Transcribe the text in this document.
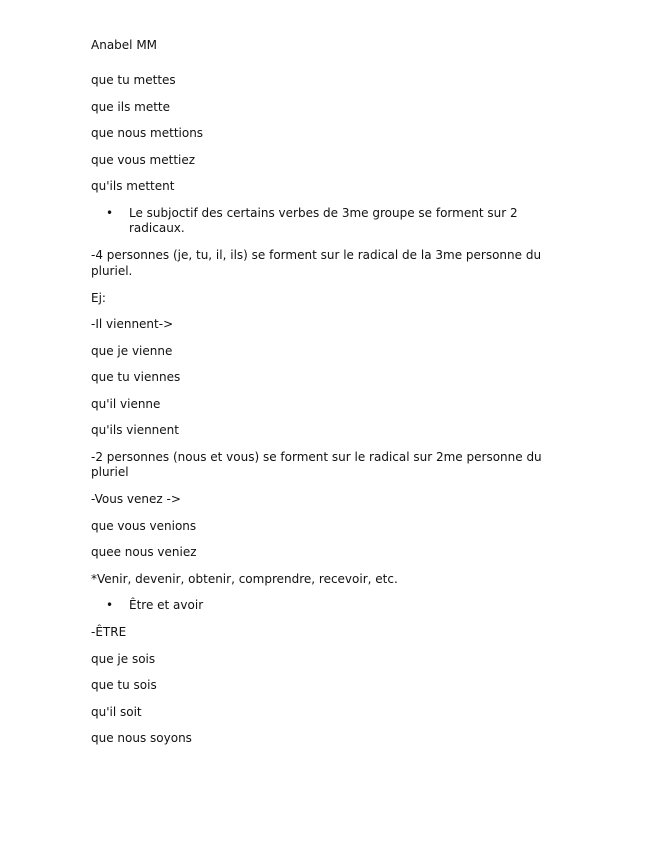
Anabel MM
que tu mettes
que ils mette
que nous mettions
que vous mettiez
qu'ils mettent
• Le subjoctif des certains verbes de 3me groupe se forment sur 2 radicaux.
-4 personnes (je, tu, il, ils) se forment sur le radical de la 3me personne du pluriel.
Ej:
-Il viennent->
que je vienne
que tu viennes
qu'il vienne
qu'ils viennent
-2 personnes (nous et vous) se forment sur le radical sur 2me personne du pluriel
-Vous venez ->
que vous venions
quee nous veniez
*Venir, devenir, obtenir, comprendre, recevoir, etc.
• Être et avoir
-ÊTRE
que je sois
que tu sois
qu'il soit
que nous soyons
